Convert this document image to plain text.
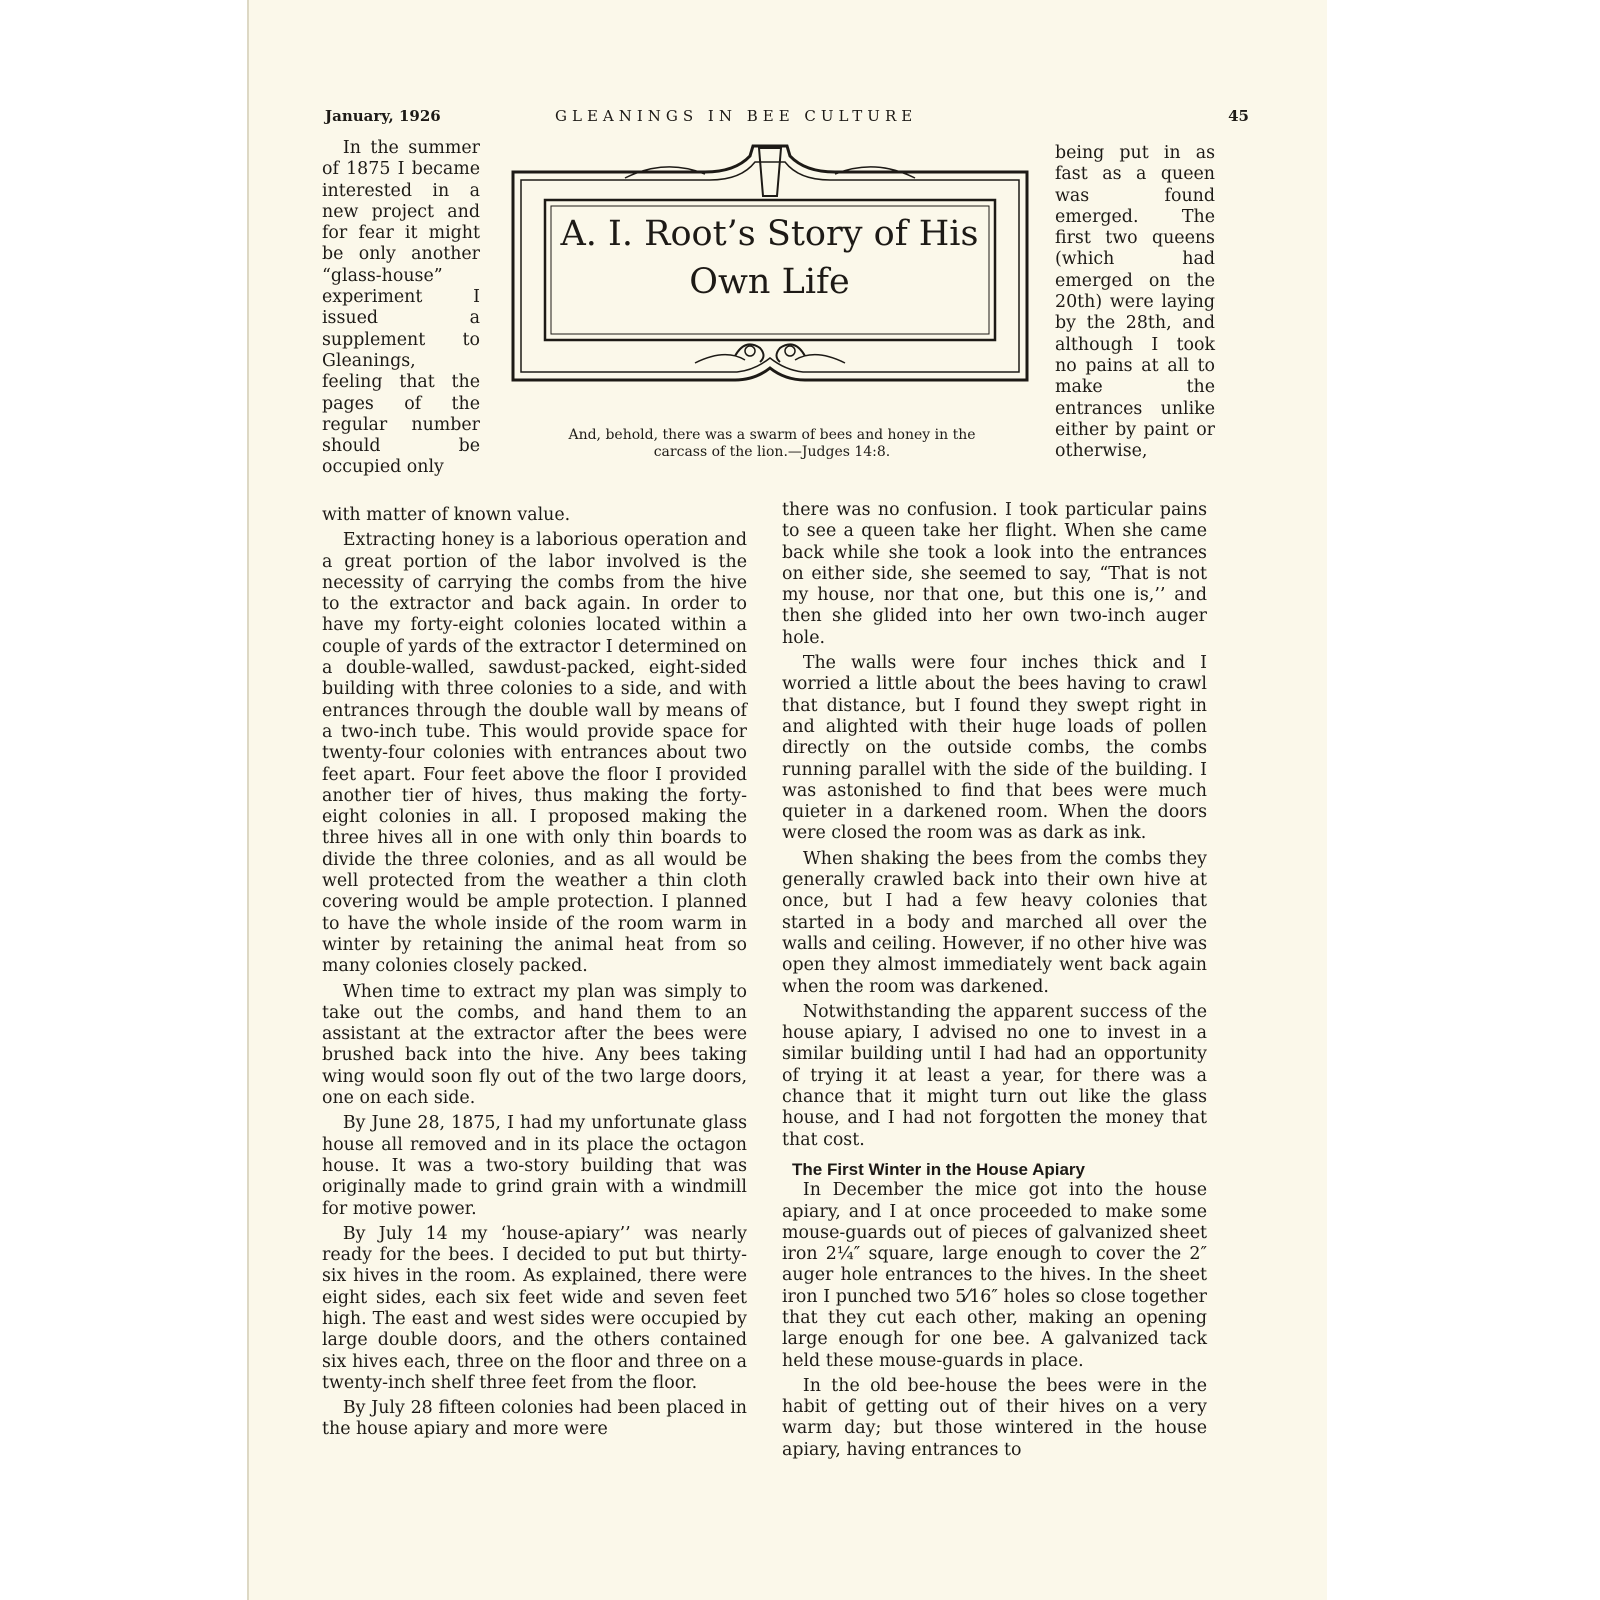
January, 1926	GLEANINGS IN BEE CULTURE	45
A. I. Root’s Story of His Own Life
And, behold, there was a swarm of bees and honey in the carcass of the lion.—Judges 14:8.

In the summer of 1875 I became interested in a new project and for fear it might be only another “glass-house” experiment I issued a supplement to Gleanings, feeling that the pages of the regular number should be occupied only

being put in as fast as a queen was found emerged. The first two queens (which had emerged on the 20th) were laying by the 28th, and although I took no pains at all to make the entrances unlike either by paint or otherwise,

with matter of known value.

Extracting honey is a laborious operation and a great portion of the labor involved is the necessity of carrying the combs from the hive to the extractor and back again. In order to have my forty-eight colonies located within a couple of yards of the extractor I determined on a double-walled, sawdust-packed, eight-sided building with three colonies to a side, and with entrances through the double wall by means of a two-inch tube. This would provide space for twenty-four colonies with entrances about two feet apart. Four feet above the floor I provided another tier of hives, thus making the forty-eight colonies in all. I proposed making the three hives all in one with only thin boards to divide the three colonies, and as all would be well protected from the weather a thin cloth covering would be ample protection. I planned to have the whole inside of the room warm in winter by retaining the animal heat from so many colonies closely packed.

When time to extract my plan was simply to take out the combs, and hand them to an assistant at the extractor after the bees were brushed back into the hive. Any bees taking wing would soon fly out of the two large doors, one on each side.

By June 28, 1875, I had my unfortunate glass house all removed and in its place the octagon house. It was a two-story building that was originally made to grind grain with a windmill for motive power.

By July 14 my ‘house-apiary’’ was nearly ready for the bees. I decided to put but thirty-six hives in the room. As explained, there were eight sides, each six feet wide and seven feet high. The east and west sides were occupied by large double doors, and the others contained six hives each, three on the floor and three on a twenty-inch shelf three feet from the floor.

By July 28 fifteen colonies had been placed in the house apiary and more were

there was no confusion. I took particular pains to see a queen take her flight. When she came back while she took a look into the entrances on either side, she seemed to say, “That is not my house, nor that one, but this one is,’’ and then she glided into her own two-inch auger hole.

The walls were four inches thick and I worried a little about the bees having to crawl that distance, but I found they swept right in and alighted with their huge loads of pollen directly on the outside combs, the combs running parallel with the side of the building. I was astonished to find that bees were much quieter in a darkened room. When the doors were closed the room was as dark as ink.

When shaking the bees from the combs they generally crawled back into their own hive at once, but I had a few heavy colonies that started in a body and marched all over the walls and ceiling. However, if no other hive was open they almost immediately went back again when the room was darkened.

Notwithstanding the apparent success of the house apiary, I advised no one to invest in a similar building until I had had an opportunity of trying it at least a year, for there was a chance that it might turn out like the glass house, and I had not forgotten the money that that cost.

The First Winter in the House Apiary

In December the mice got into the house apiary, and I at once proceeded to make some mouse-guards out of pieces of galvanized sheet iron 2¼″ square, large enough to cover the 2″ auger hole entrances to the hives. In the sheet iron I punched two 5⁄16″ holes so close together that they cut each other, making an opening large enough for one bee. A galvanized tack held these mouse-guards in place.

In the old bee-house the bees were in the habit of getting out of their hives on a very warm day; but those wintered in the house apiary, having entrances to
